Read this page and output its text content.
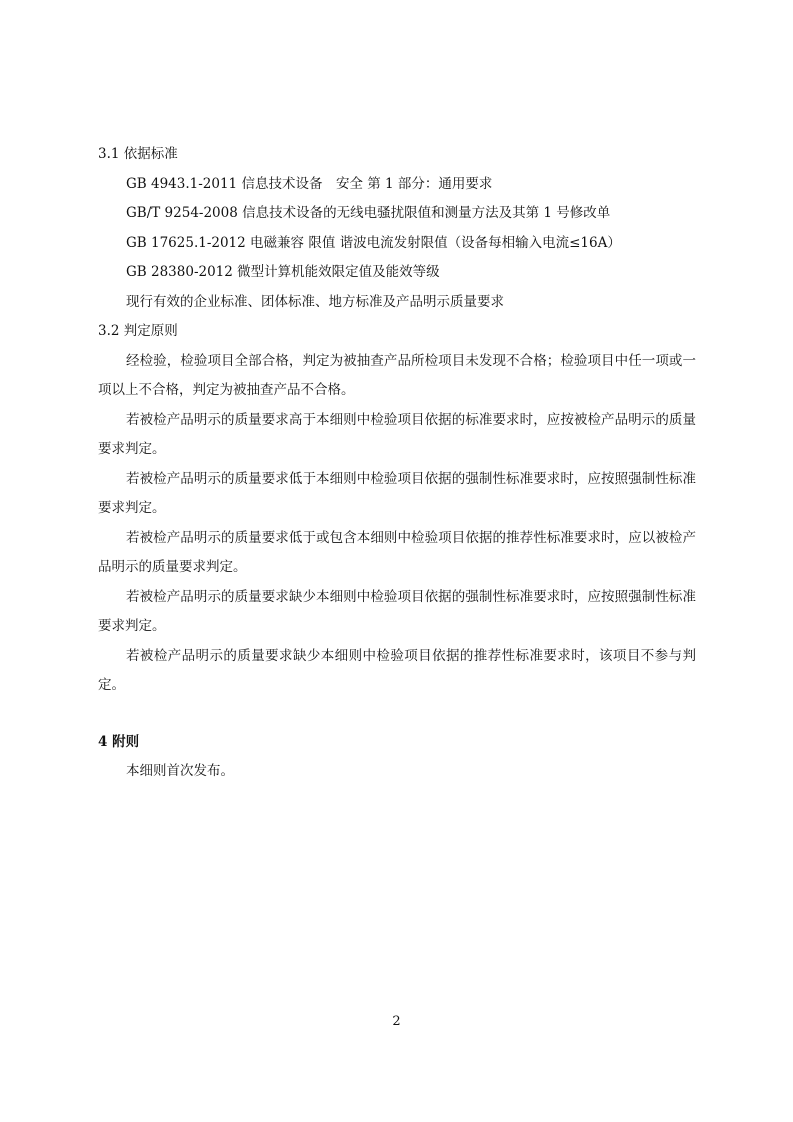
3.1 依据标准
GB 4943.1-2011 信息技术设备　安全 第 1 部分：通用要求
GB/T 9254-2008 信息技术设备的无线电骚扰限值和测量方法及其第 1 号修改单
GB 17625.1-2012 电磁兼容 限值 谐波电流发射限值（设备每相输入电流≤16A）
GB 28380-2012 微型计算机能效限定值及能效等级
现行有效的企业标准、团体标准、地方标准及产品明示质量要求
3.2 判定原则

经检验，检验项目全部合格，判定为被抽查产品所检项目未发现不合格；检验项目中任一项或一项以上不合格，判定为被抽查产品不合格。

若被检产品明示的质量要求高于本细则中检验项目依据的标准要求时，应按被检产品明示的质量要求判定。

若被检产品明示的质量要求低于本细则中检验项目依据的强制性标准要求时，应按照强制性标准要求判定。

若被检产品明示的质量要求低于或包含本细则中检验项目依据的推荐性标准要求时，应以被检产品明示的质量要求判定。

若被检产品明示的质量要求缺少本细则中检验项目依据的强制性标准要求时，应按照强制性标准要求判定。

若被检产品明示的质量要求缺少本细则中检验项目依据的推荐性标准要求时，该项目不参与判定。

4 附则
本细则首次发布。
2
